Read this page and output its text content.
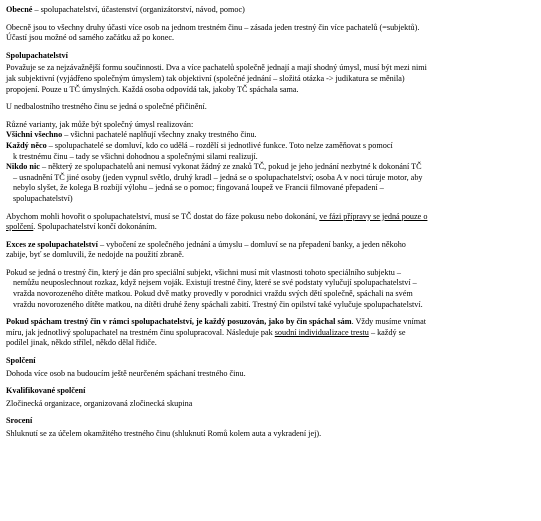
Obecné – spolupachatelství, účastenství (organizátorství, návod, pomoc)
Obecně jsou to všechny druhy účasti více osob na jednom trestném činu – zásada jeden trestný čin více pachatelů (=subjektů).
Účastí jsou možné od samého začátku až po konec.
Spolupachatelství
Považuje se za nejzávažnější formu součinnosti. Dva a více pachatelů společně jednají a mají shodný úmysl, musí být mezi nimi
jak subjektivní (vyjádřeno společným úmyslem) tak objektivní (společné jednání – složitá otázka -> judikatura se měnila)
propojení. Pouze u TČ úmyslných. Každá osoba odpovídá tak, jakoby TČ spáchala sama.
U nedbalostního trestného činu se jedná o společné přičinění.
Různé varianty, jak může být společný úmysl realizován:
Všichni všechno – všichni pachatelé naplňují všechny znaky trestného činu.
Každý něco – spolupachatelé se domluví, kdo co udělá – rozdělí si jednotlivé funkce. Toto nelze zaměňovat s pomocí
k trestnému činu – tady se všichni dohodnou a společnými silami realizují.
Nikdo nic – některý ze spolupachatelů ani nemusí vykonat žádný ze znaků TČ, pokud je jeho jednání nezbytné k dokonání TČ
– usnadnění TČ jiné osoby (jeden vypnul světlo, druhý kradl – jedná se o spolupachatelství; osoba A v noci túruje motor, aby
nebylo slyšet, že kolega B rozbíjí výlohu – jedná se o pomoc; fingovaná loupež ve Francii filmované přepadení –
spolupachatelství)
Abychom mohli hovořit o spolupachatelství, musí se TČ dostat do fáze pokusu nebo dokonání, ve fázi přípravy se jedná pouze o
spolčení. Spolupachatelství končí dokonáním.
Exces ze spolupachatelství – vybočení ze společného jednání a úmyslu – domluví se na přepadení banky, a jeden někoho
zabije, byť se domluvili, že nedojde na použití zbraně.
Pokud se jedná o trestný čin, který je dán pro speciální subjekt, všichni musí mít vlastnosti tohoto speciálního subjektu –
nemůžu neuposlechnout rozkaz, když nejsem voják. Existují trestné činy, které se své podstaty vylučují spolupachatelství –
vražda novorozeného dítěte matkou. Pokud dvě matky provedly v porodnici vraždu svých dětí společně, spáchali na svém
vraždu novorozeného dítěte matkou, na dítěti druhé ženy spáchali zabití. Trestný čin opilství také vylučuje spolupachatelství.
Pokud spácham trestný čin v rámci spolupachatelství, je každý posuzován, jako by čin spáchal sám. Vždy musíme vnímat
míru, jak jednotlivý spolupachatel na trestném činu spolupracoval. Následuje pak soudní individualizace trestu – každý se
podílel jinak, někdo střílel, někdo dělal řidiče.
Spolčení
Dohoda více osob na budoucím ještě neurčeném spáchaní trestného činu.
Kvalifikované spolčení
Zločinecká organizace, organizovaná zločinecká skupina
Srocení
Shluknutí se za účelem okamžitého trestného činu (shluknutí Romů kolem auta a vykradení jej).
